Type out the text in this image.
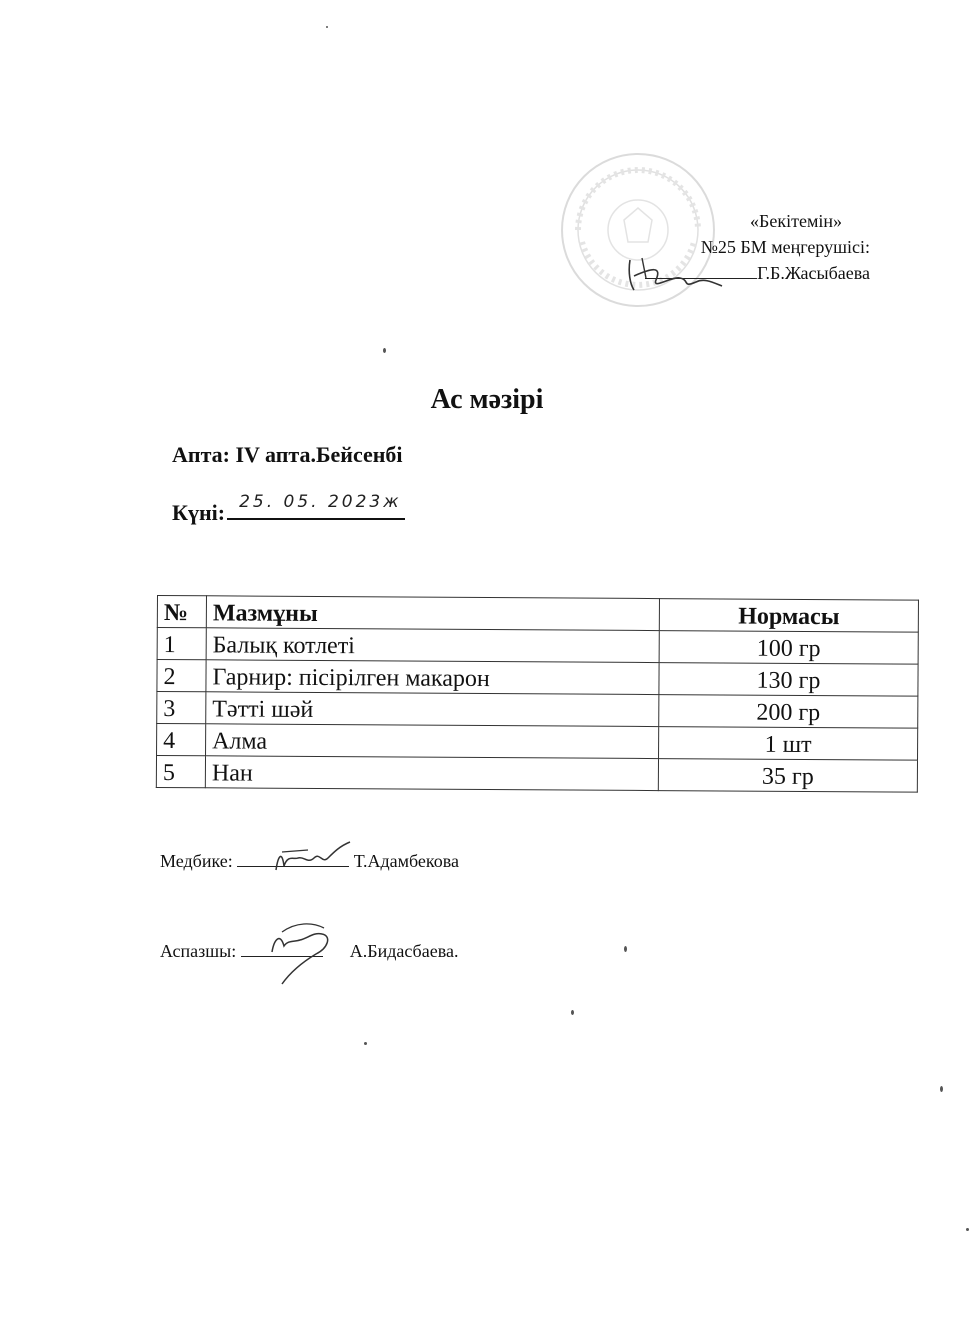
«Бекітемін»
№25 БМ меңгерушісі:
Г.Б.Жасыбаева
Ас мәзірі
Апта: IV апта.Бейсенбі
Күні: 25. 05. 2023ж
№	Мазмұны	Нормасы
1	Балық котлеті	100 гр
2	Гарнир: пісірілген макарон	130 гр
3	Тәтті шәй	200 гр
4	Алма	1 шт
5	Нан	35 гр
Медбике:	Т.Адамбекова
Аспазшы:	А.Бидасбаева.
